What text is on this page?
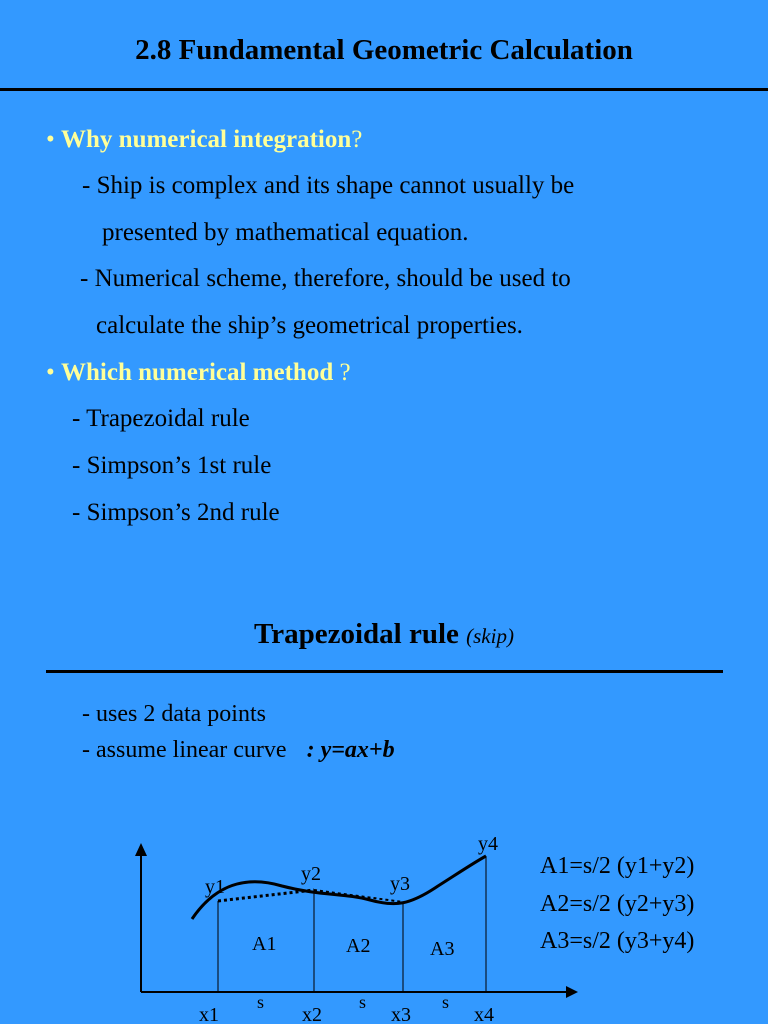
2.8 Fundamental Geometric Calculation
• Why numerical integration?
- Ship is complex and its shape cannot usually be
presented by mathematical equation.
- Numerical scheme, therefore, should be used to
calculate the ship’s geometrical properties.
• Which numerical method ?
- Trapezoidal rule
- Simpson’s 1st rule
- Simpson’s 2nd rule
Trapezoidal rule (skip)
- uses 2 data points
- assume linear curve : y=ax+b
y1
y2	y3
y4
A1	A2	A3
s	s	s
x1	x2	x3	x4
A1=s/2 (y1+y2)
A2=s/2 (y2+y3)
A3=s/2 (y3+y4)
